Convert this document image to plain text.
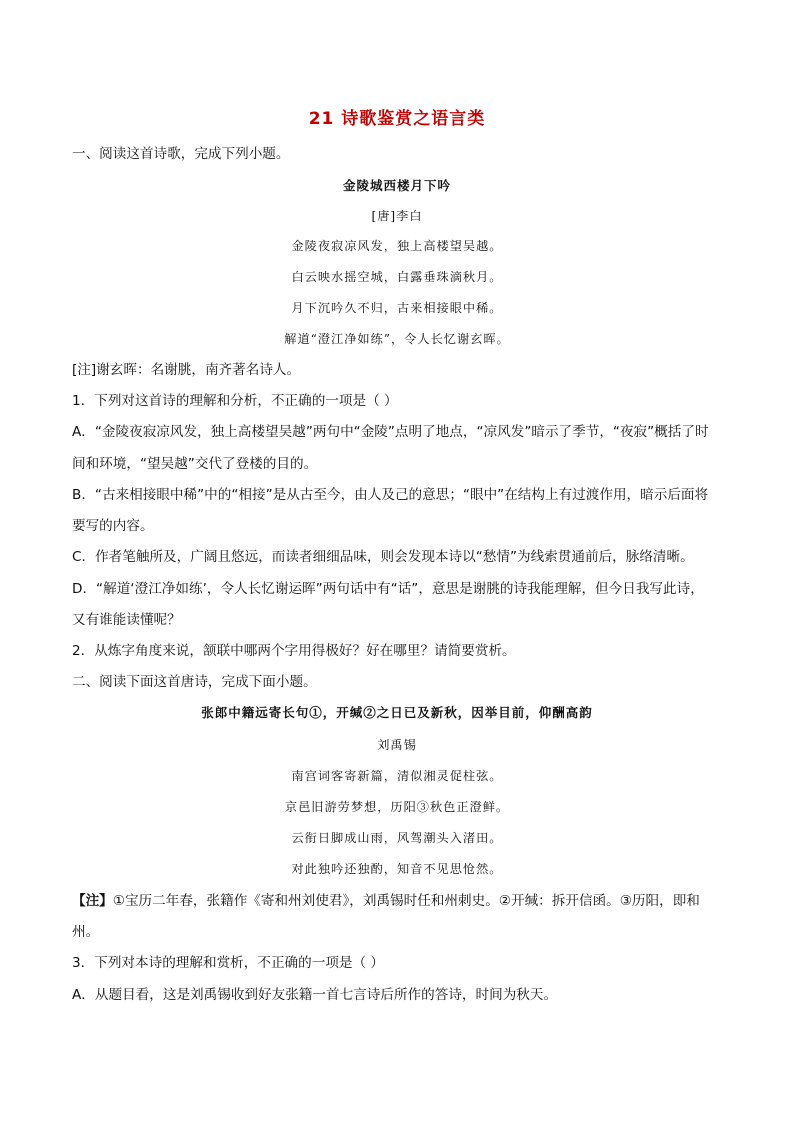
21 诗歌鉴赏之语言类
一、阅读这首诗歌，完成下列小题。
金陵城西楼月下吟
[唐]李白
金陵夜寂凉风发，独上高楼望吴越。
白云映水摇空城，白露垂珠滴秋月。
月下沉吟久不归，古来相接眼中稀。
解道“澄江净如练”，令人长忆谢玄晖。
[注]谢玄晖：名谢朓，南齐著名诗人。
1．下列对这首诗的理解和分析，不正确的一项是（ ）
A．“金陵夜寂凉风发，独上高楼望吴越”两句中“金陵”点明了地点，“凉风发”暗示了季节，“夜寂”概括了时
间和环境，“望吴越”交代了登楼的目的。
B．“古来相接眼中稀”中的“相接”是从古至今，由人及己的意思；“眼中”在结构上有过渡作用，暗示后面将
要写的内容。
C．作者笔触所及，广阔且悠远，而读者细细品味，则会发现本诗以“愁情”为线索贯通前后，脉络清晰。
D．“解道‘澄江净如练’，令人长忆谢运晖”两句话中有“话”，意思是谢朓的诗我能理解，但今日我写此诗，
又有谁能读懂呢？
2．从炼字角度来说，颔联中哪两个字用得极好？好在哪里？请简要赏析。
二、阅读下面这首唐诗，完成下面小题。
张郎中籍远寄长句①，开缄②之日已及新秋，因举目前，仰酬高韵
刘禹锡
南宫词客寄新篇，清似湘灵促柱弦。
京邑旧游劳梦想，历阳③秋色正澄鲜。
云衔日脚成山雨，风驾潮头入渚田。
对此独吟还独酌，知音不见思怆然。
【注】①宝历二年春，张籍作《寄和州刘使君》，刘禹锡时任和州刺史。②开缄：拆开信函。③历阳，即和
州。
3．下列对本诗的理解和赏析，不正确的一项是（ ）
A．从题目看，这是刘禹锡收到好友张籍一首七言诗后所作的答诗，时间为秋天。
